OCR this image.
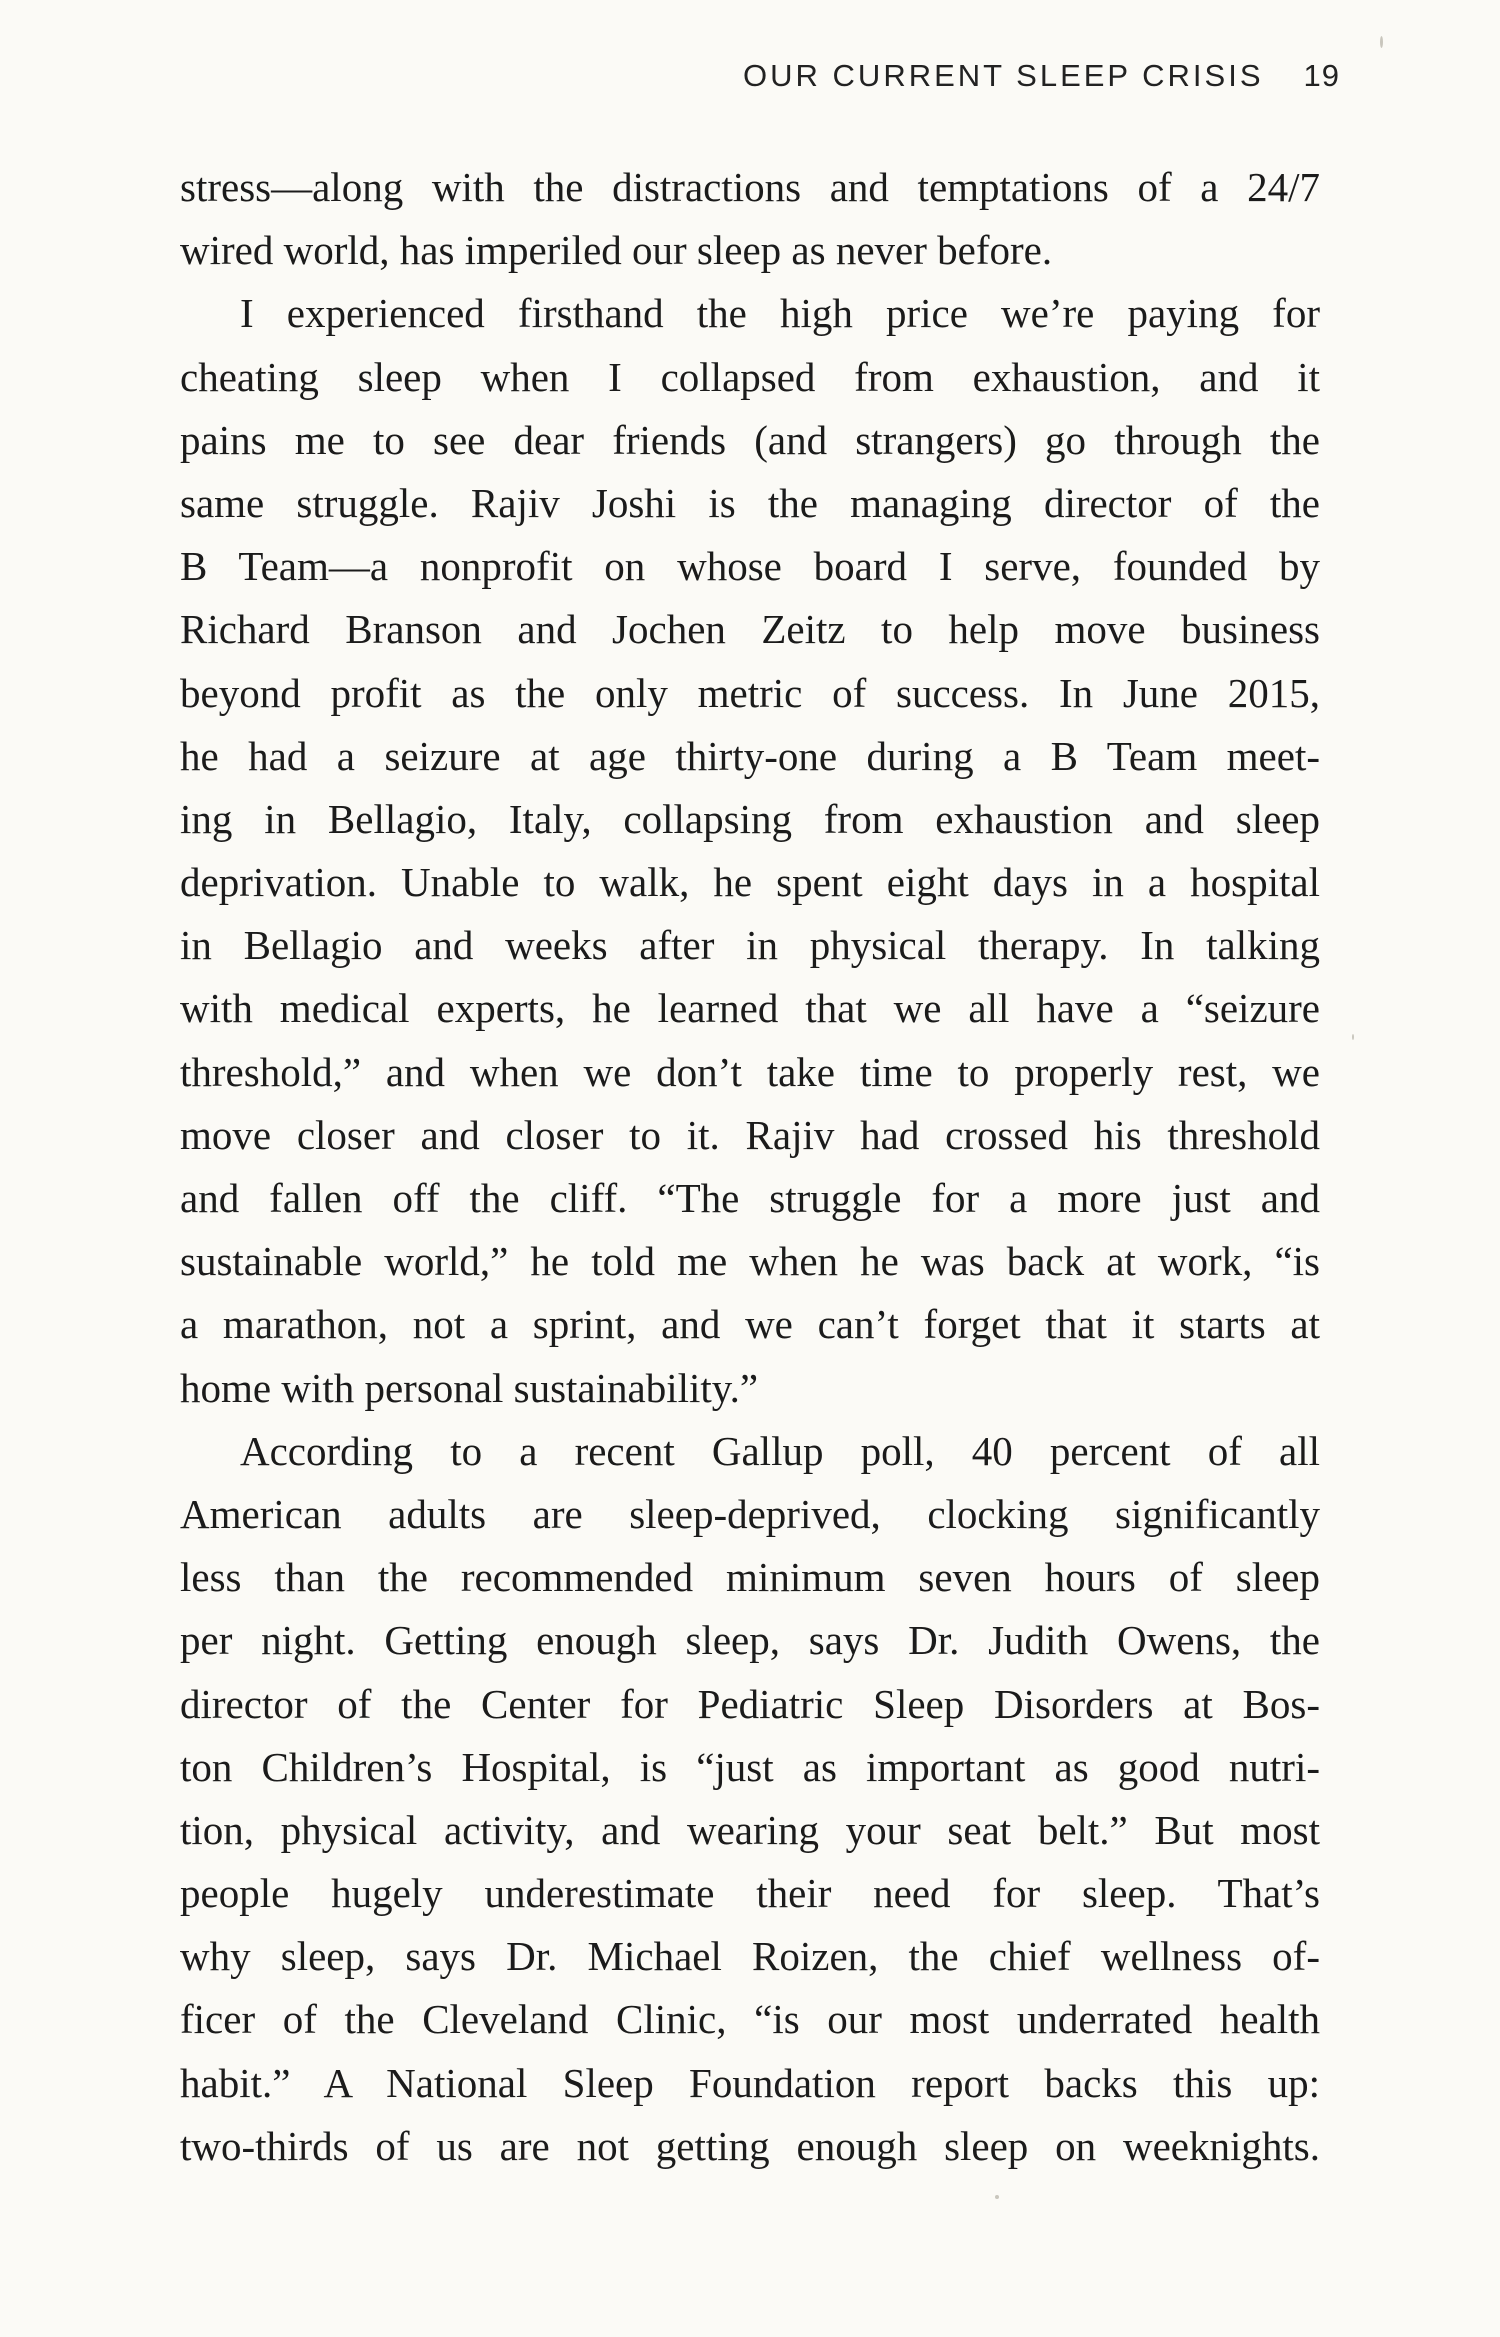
OUR CURRENT SLEEP CRISIS 19
stress—along with the distractions and temptations of a 24/7
wired world, has imperiled our sleep as never before.
I experienced firsthand the high price we’re paying for
cheating sleep when I collapsed from exhaustion, and it
pains me to see dear friends (and strangers) go through the
same struggle. Rajiv Joshi is the managing director of the
B Team—a nonprofit on whose board I serve, founded by
Richard Branson and Jochen Zeitz to help move business
beyond profit as the only metric of success. In June 2015,
he had a seizure at age thirty-one during a B Team meet-
ing in Bellagio, Italy, collapsing from exhaustion and sleep
deprivation. Unable to walk, he spent eight days in a hospital
in Bellagio and weeks after in physical therapy. In talking
with medical experts, he learned that we all have a “seizure
threshold,” and when we don’t take time to properly rest, we
move closer and closer to it. Rajiv had crossed his threshold
and fallen off the cliff. “The struggle for a more just and
sustainable world,” he told me when he was back at work, “is
a marathon, not a sprint, and we can’t forget that it starts at
home with personal sustainability.”
According to a recent Gallup poll, 40 percent of all
American adults are sleep-deprived, clocking significantly
less than the recommended minimum seven hours of sleep
per night. Getting enough sleep, says Dr. Judith Owens, the
director of the Center for Pediatric Sleep Disorders at Bos-
ton Children’s Hospital, is “just as important as good nutri-
tion, physical activity, and wearing your seat belt.” But most
people hugely underestimate their need for sleep. That’s
why sleep, says Dr. Michael Roizen, the chief wellness of-
ficer of the Cleveland Clinic, “is our most underrated health
habit.” A National Sleep Foundation report backs this up:
two-thirds of us are not getting enough sleep on weeknights.
